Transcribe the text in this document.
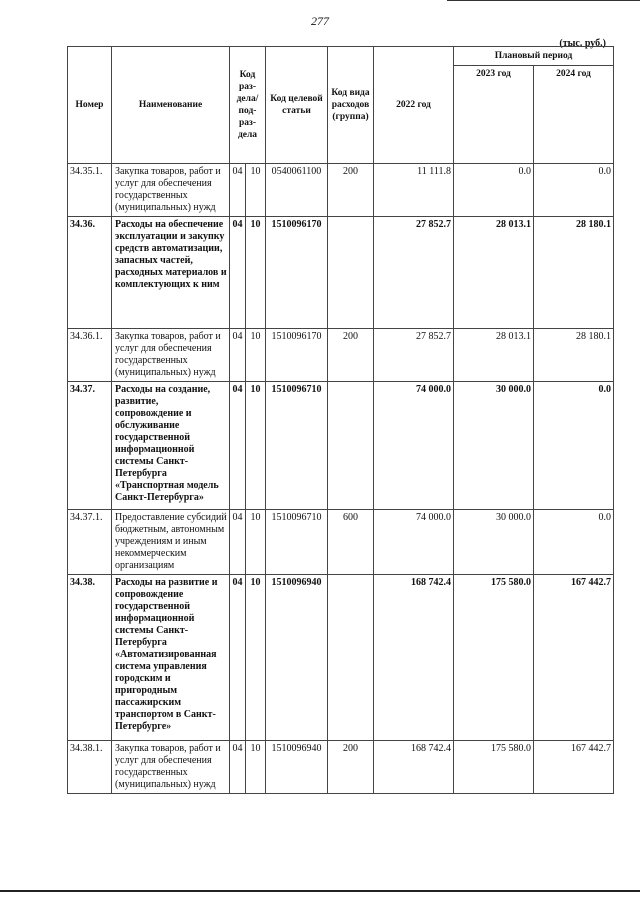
277
(тыс. руб.)
Номер	Наименование	Код раз-дела/ под-раз-дела		Код целевой статьи	Код вида расходов (группа)	2022 год	Плановый период	
							2023 год	2024 год
34.35.1.	Закупка товаров, работ и услуг для обеспечения государственных (муниципальных) нужд	04	10	0540061100	200	11 111.8	0.0	0.0
34.36.	Расходы на обеспечение эксплуатации и закупку средств автоматизации, запасных частей, расходных материалов и комплектующих к ним	04	10	1510096170		27 852.7	28 013.1	28 180.1
34.36.1.	Закупка товаров, работ и услуг для обеспечения государственных (муниципальных) нужд	04	10	1510096170	200	27 852.7	28 013.1	28 180.1
34.37.	Расходы на создание, развитие, сопровождение и обслуживание государственной информационной системы Санкт-Петербурга «Транспортная модель Санкт-Петербурга»	04	10	1510096710		74 000.0	30 000.0	0.0
34.37.1.	Предоставление субсидий бюджетным, автономным учреждениям и иным некоммерческим организациям	04	10	1510096710	600	74 000.0	30 000.0	0.0
34.38.	Расходы на развитие и сопровождение государственной информационной системы Санкт-Петербурга «Автоматизированная система управления городским и пригородным пассажирским транспортом в Санкт-Петербурге»	04	10	1510096940		168 742.4	175 580.0	167 442.7
34.38.1.	Закупка товаров, работ и услуг для обеспечения государственных (муниципальных) нужд	04	10	1510096940	200	168 742.4	175 580.0	167 442.7
